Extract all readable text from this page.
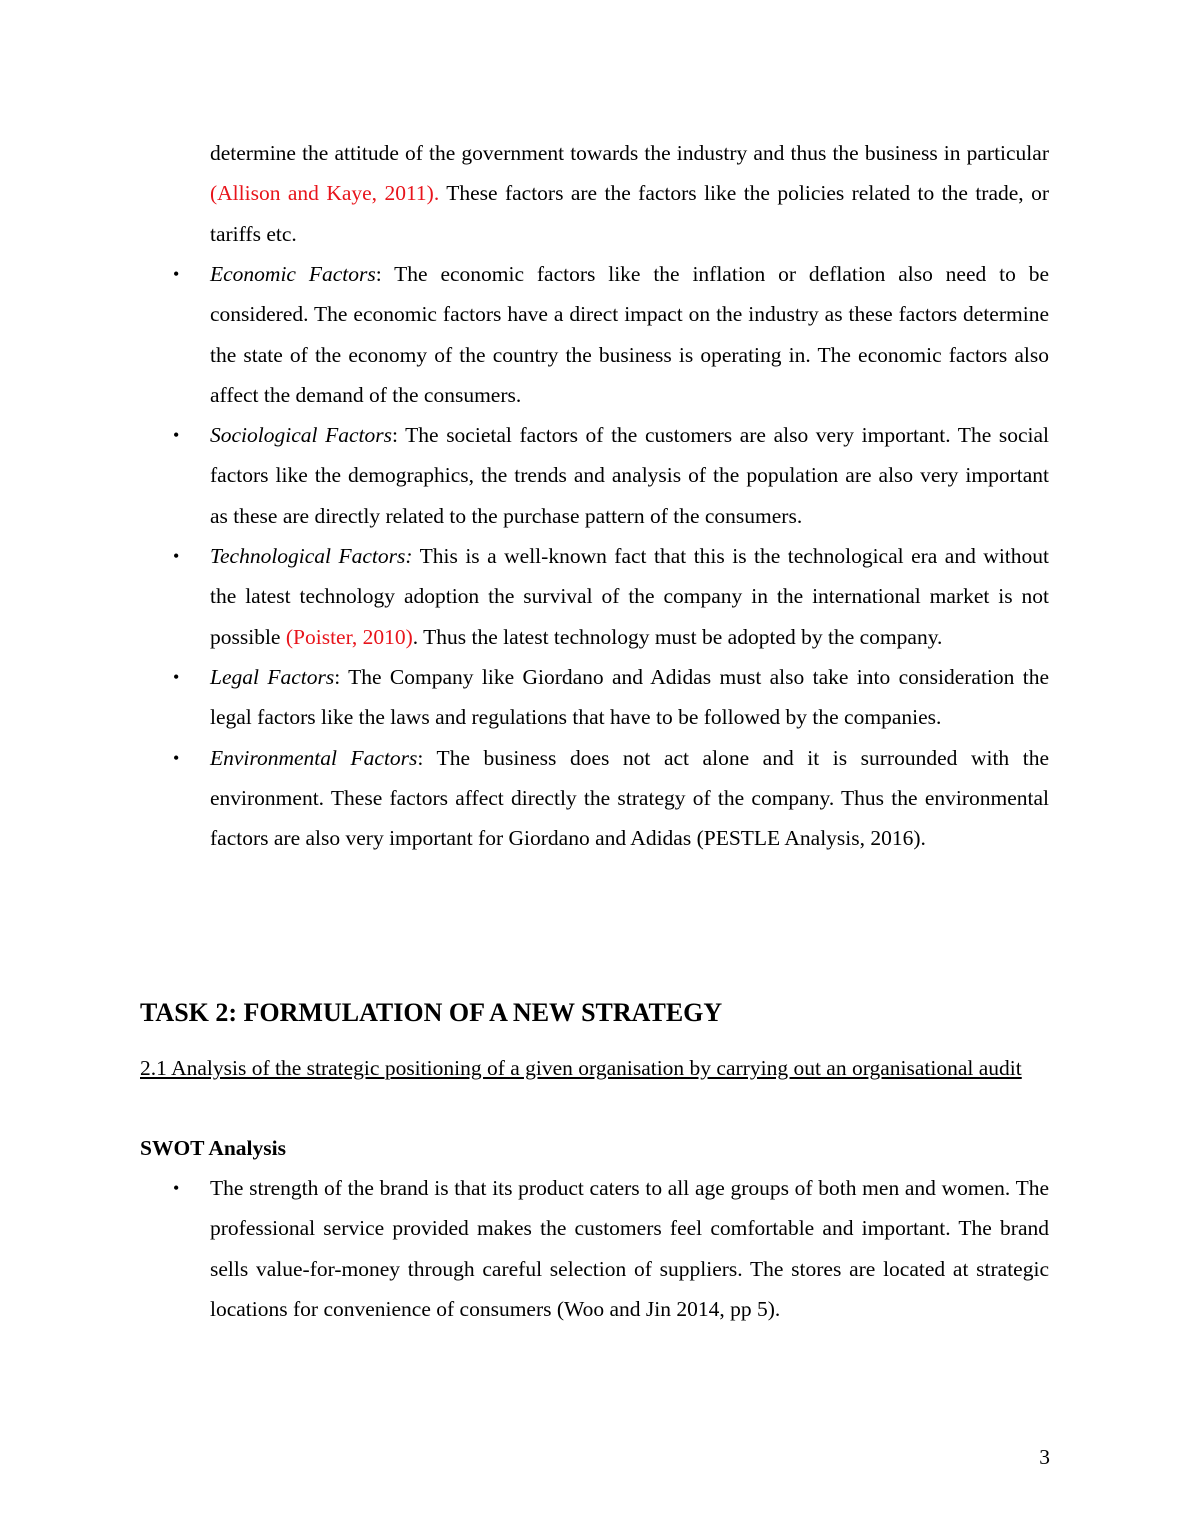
determine the attitude of the government towards the industry and thus the business in particular (Allison and Kaye, 2011). These factors are the factors like the policies related to the trade, or tariffs etc.
• Economic Factors: The economic factors like the inflation or deflation also need to be considered. The economic factors have a direct impact on the industry as these factors determine the state of the economy of the country the business is operating in. The economic factors also affect the demand of the consumers.
• Sociological Factors: The societal factors of the customers are also very important. The social factors like the demographics, the trends and analysis of the population are also very important as these are directly related to the purchase pattern of the consumers.
• Technological Factors: This is a well-known fact that this is the technological era and without the latest technology adoption the survival of the company in the international market is not possible (Poister, 2010). Thus the latest technology must be adopted by the company.
• Legal Factors: The Company like Giordano and Adidas must also take into consideration the legal factors like the laws and regulations that have to be followed by the companies.
• Environmental Factors: The business does not act alone and it is surrounded with the environment. These factors affect directly the strategy of the company. Thus the environmental factors are also very important for Giordano and Adidas (PESTLE Analysis, 2016).
TASK 2: FORMULATION OF A NEW STRATEGY
2.1 Analysis of the strategic positioning of a given organisation by carrying out an organisational audit
SWOT Analysis
• The strength of the brand is that its product caters to all age groups of both men and women. The professional service provided makes the customers feel comfortable and important. The brand sells value-for-money through careful selection of suppliers. The stores are located at strategic locations for convenience of consumers (Woo and Jin 2014, pp 5).
3
